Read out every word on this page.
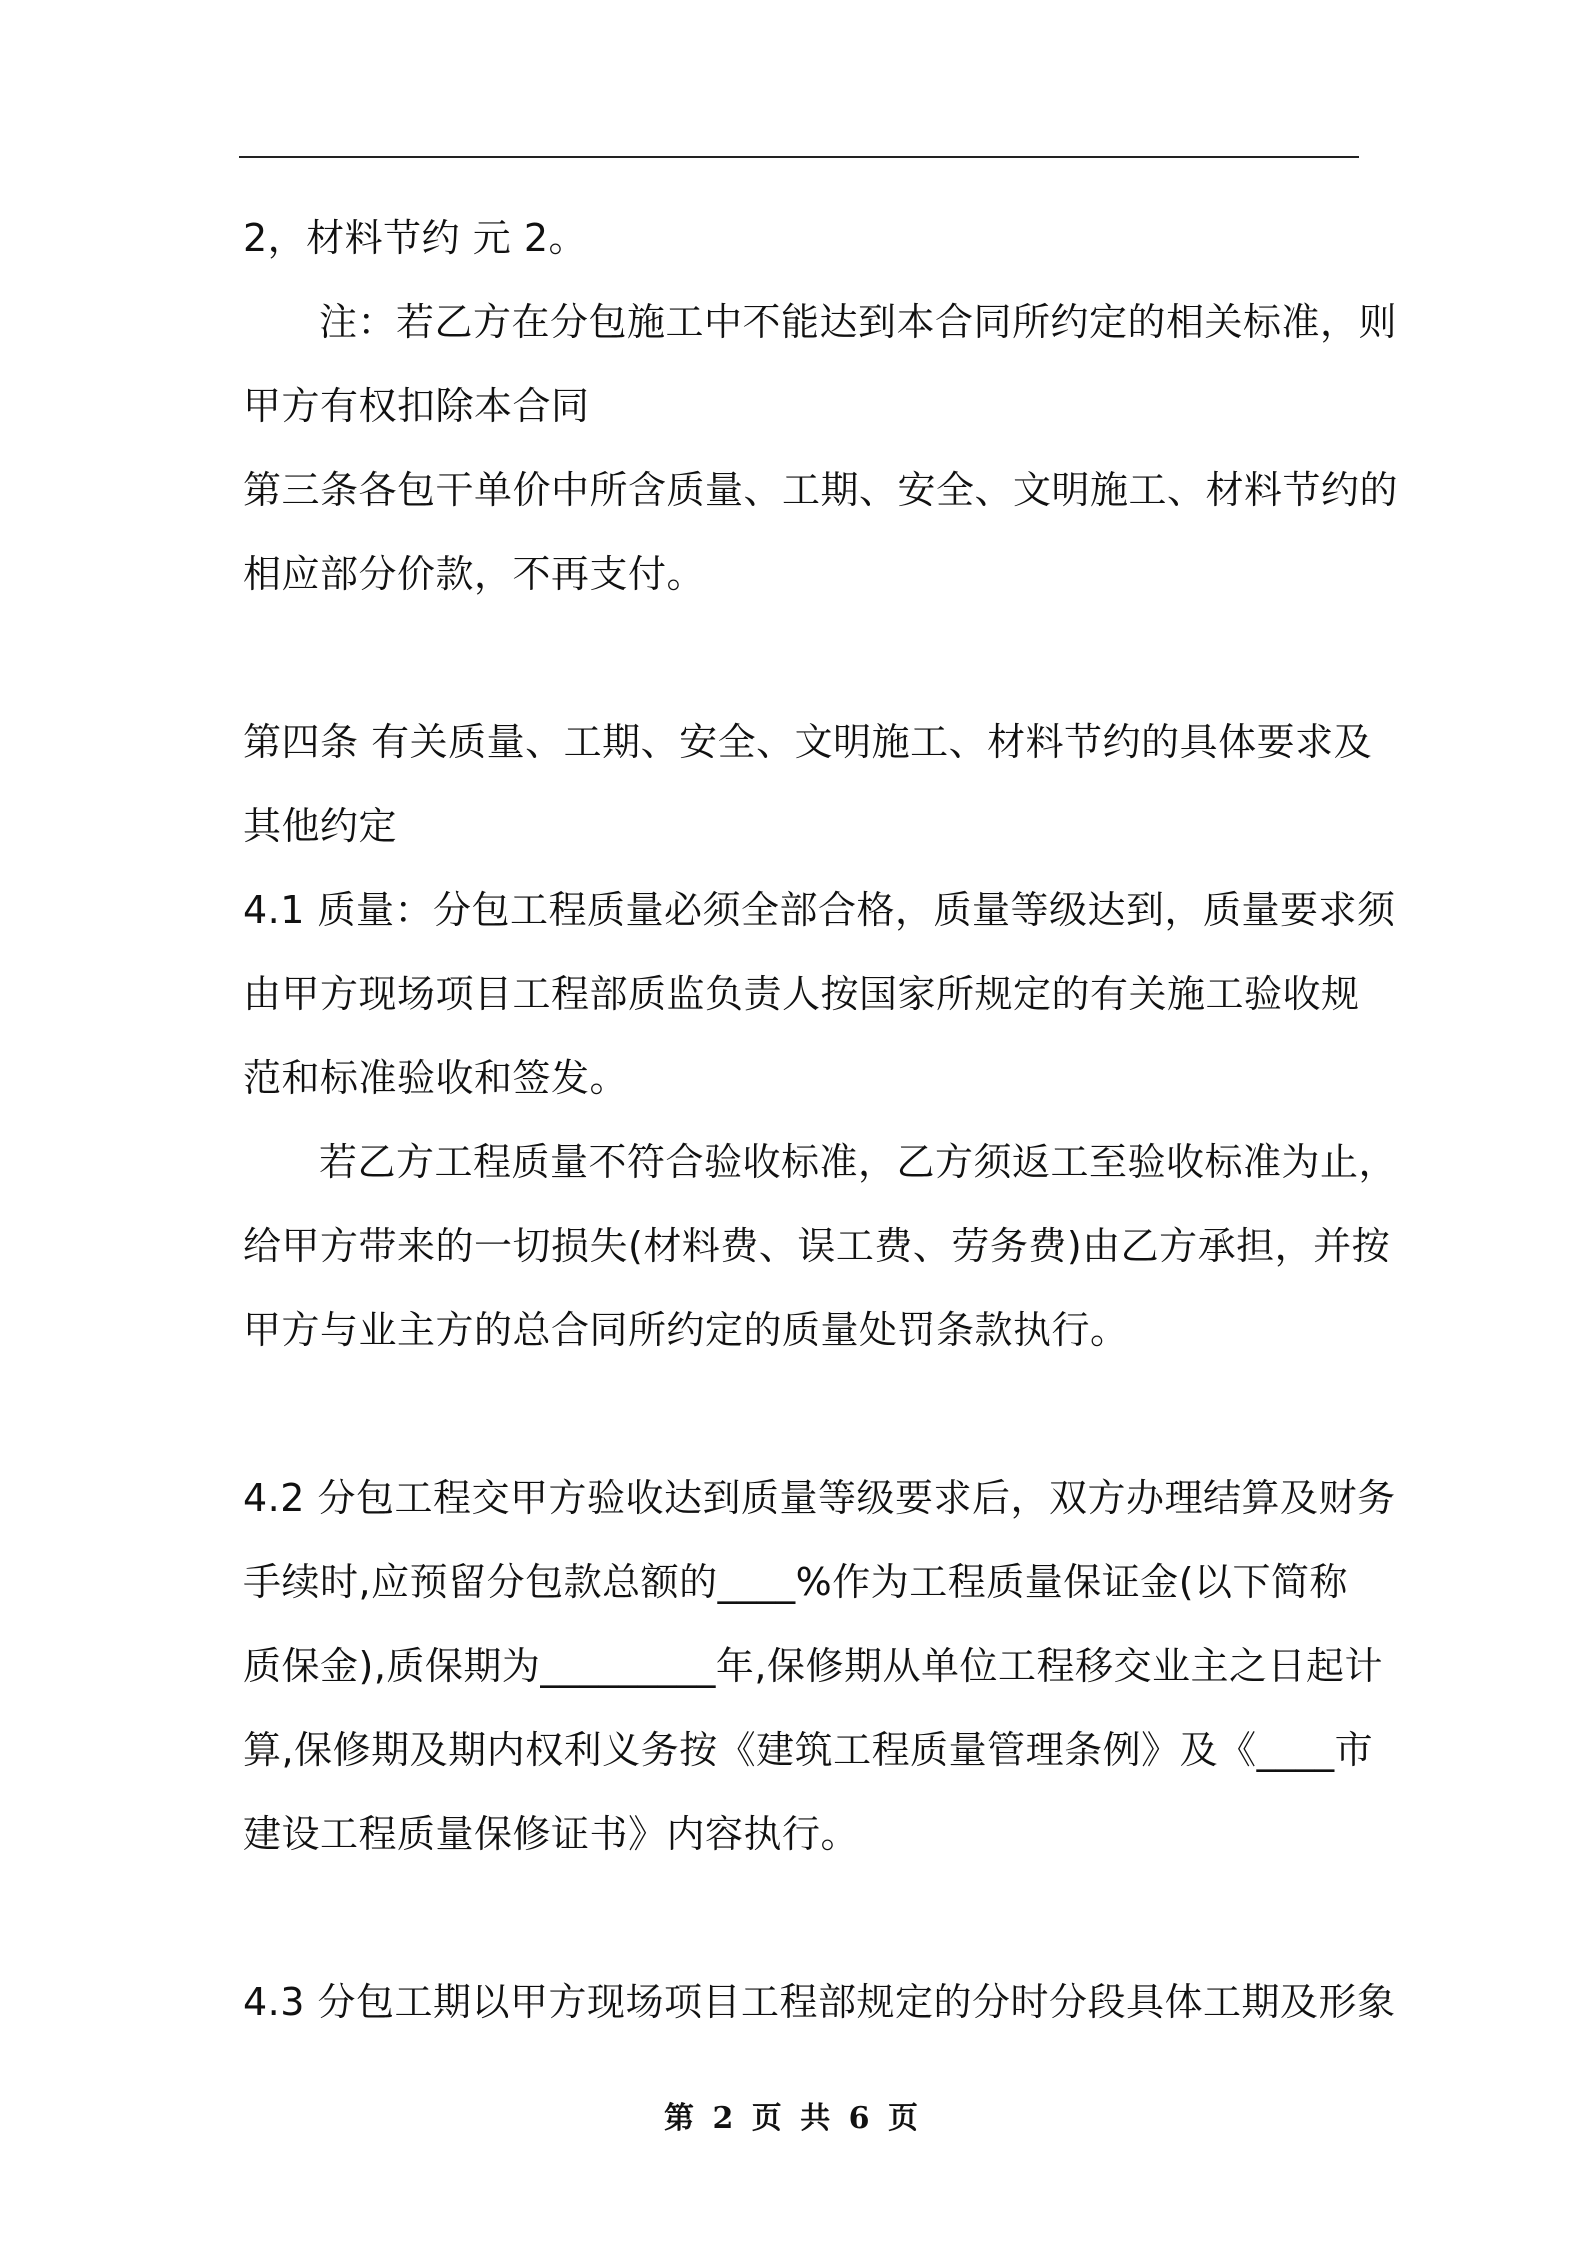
2，材料节约 元 2。
注：若乙方在分包施工中不能达到本合同所约定的相关标准，则
甲方有权扣除本合同
第三条各包干单价中所含质量、工期、安全、文明施工、材料节约的
相应部分价款，不再支付。
第四条 有关质量、工期、安全、文明施工、材料节约的具体要求及
其他约定
4.1 质量：分包工程质量必须全部合格，质量等级达到，质量要求须
由甲方现场项目工程部质监负责人按国家所规定的有关施工验收规
范和标准验收和签发。
若乙方工程质量不符合验收标准，乙方须返工至验收标准为止，
给甲方带来的一切损失(材料费、误工费、劳务费)由乙方承担，并按
甲方与业主方的总合同所约定的质量处罚条款执行。
4.2 分包工程交甲方验收达到质量等级要求后，双方办理结算及财务
手续时,应预留分包款总额的____%作为工程质量保证金(以下简称
质保金),质保期为_________年,保修期从单位工程移交业主之日起计
算,保修期及期内权利义务按《建筑工程质量管理条例》及《____市
建设工程质量保修证书》内容执行。
4.3 分包工期以甲方现场项目工程部规定的分时分段具体工期及形象
第 2 页 共 6 页
